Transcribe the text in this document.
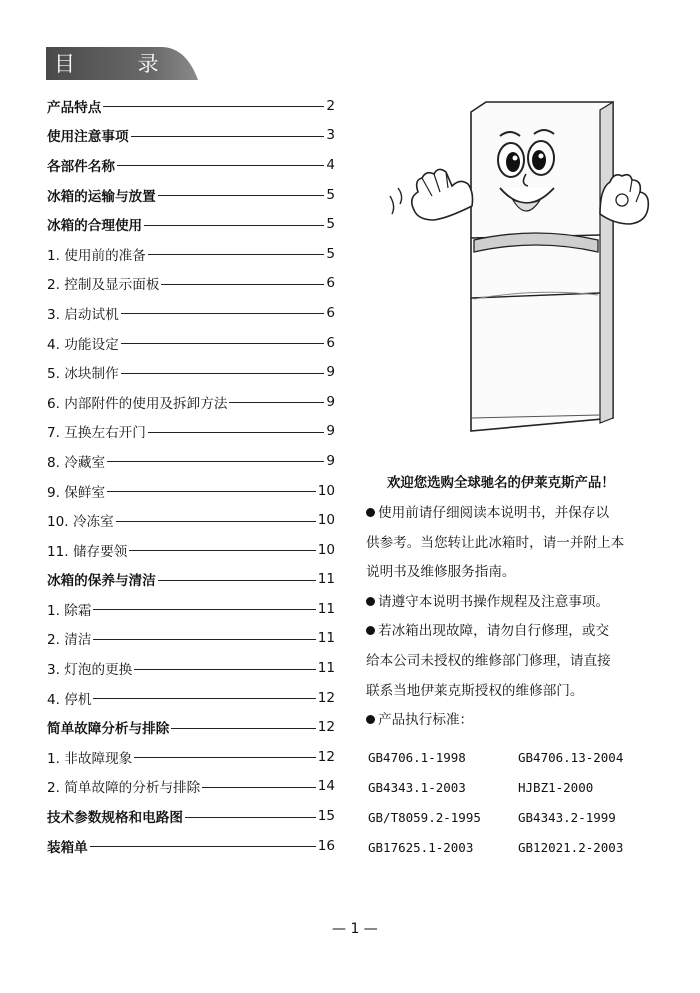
目 录
产品特点	2
使用注意事项	3
各部件名称	4
冰箱的运输与放置	5
冰箱的合理使用	5
1. 使用前的准备	5
2. 控制及显示面板	6
3. 启动试机	6
4. 功能设定	6
5. 冰块制作	9
6. 内部附件的使用及拆卸方法	9
7. 互换左右开门	9
8. 冷藏室	9
9. 保鲜室	10
10. 冷冻室	10
11. 储存要领	10
冰箱的保养与清洁	11
1. 除霜	11
2. 清洁	11
3. 灯泡的更换	11
4. 停机	12
简单故障分析与排除	12
1. 非故障现象	12
2. 简单故障的分析与排除	14
技术参数规格和电路图	15
装箱单	16
欢迎您选购全球驰名的伊莱克斯产品！
使用前请仔细阅读本说明书，并保存以
供参考。当您转让此冰箱时，请一并附上本
说明书及维修服务指南。
请遵守本说明书操作规程及注意事项。
若冰箱出现故障，请勿自行修理，或交
给本公司未授权的维修部门修理，请直接
联系当地伊莱克斯授权的维修部门。
产品执行标准：
GB4706.1-1998	GB4706.13-2004
GB4343.1-2003	HJBZ1-2000
GB/T8059.2-1995	GB4343.2-1999
GB17625.1-2003	GB12021.2-2003
— 1 —
